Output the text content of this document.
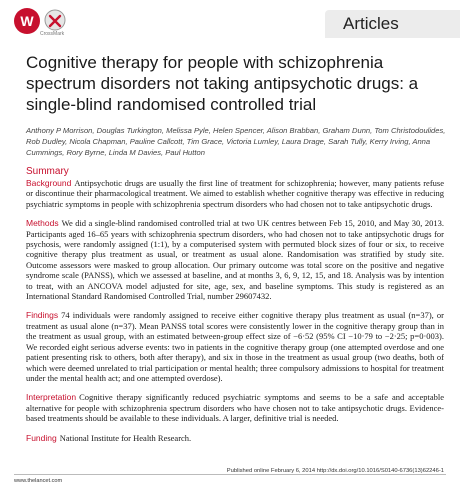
W
CrossMark
Articles
Cognitive therapy for people with schizophrenia spectrum disorders not taking antipsychotic drugs: a single-blind randomised controlled trial
Anthony P Morrison, Douglas Turkington, Melissa Pyle, Helen Spencer, Alison Brabban, Graham Dunn, Tom Christodoulides, Rob Dudley, Nicola Chapman, Pauline Callcott, Tim Grace, Victoria Lumley, Laura Drage, Sarah Tully, Kerry Irving, Anna Cummings, Rory Byrne, Linda M Davies, Paul Hutton
Summary

Background Antipsychotic drugs are usually the first line of treatment for schizophrenia; however, many patients refuse or discontinue their pharmacological treatment. We aimed to establish whether cognitive therapy was effective in reducing psychiatric symptoms in people with schizophrenia spectrum disorders who had chosen not to take antipsychotic drugs.

Methods We did a single-blind randomised controlled trial at two UK centres between Feb 15, 2010, and May 30, 2013. Participants aged 16–65 years with schizophrenia spectrum disorders, who had chosen not to take antipsychotic drugs for psychosis, were randomly assigned (1:1), by a computerised system with permuted block sizes of four or six, to receive cognitive therapy plus treatment as usual, or treatment as usual alone. Randomisation was stratified by study site. Outcome assessors were masked to group allocation. Our primary outcome was total score on the positive and negative syndrome scale (PANSS), which we assessed at baseline, and at months 3, 6, 9, 12, 15, and 18. Analysis was by intention to treat, with an ANCOVA model adjusted for site, age, sex, and baseline symptoms. This study is registered as an International Standard Randomised Controlled Trial, number 29607432.

Findings 74 individuals were randomly assigned to receive either cognitive therapy plus treatment as usual (n=37), or treatment as usual alone (n=37). Mean PANSS total scores were consistently lower in the cognitive therapy group than in the treatment as usual group, with an estimated between-group effect size of −6·52 (95% CI −10·79 to −2·25; p=0·003). We recorded eight serious adverse events: two in patients in the cognitive therapy group (one attempted overdose and one patient presenting risk to others, both after therapy), and six in those in the treatment as usual group (two deaths, both of which were deemed unrelated to trial participation or mental health; three compulsory admissions to hospital for treatment under the mental health act; and one attempted overdose).

Interpretation Cognitive therapy significantly reduced psychiatric symptoms and seems to be a safe and acceptable alternative for people with schizophrenia spectrum disorders who have chosen not to take antipsychotic drugs. Evidence-based treatments should be available to these individuals. A larger, definitive trial is needed.

Funding National Institute for Health Research.

www.thelancet.com
Published online February 6, 2014 http://dx.doi.org/10.1016/S0140-6736(13)62246-1
